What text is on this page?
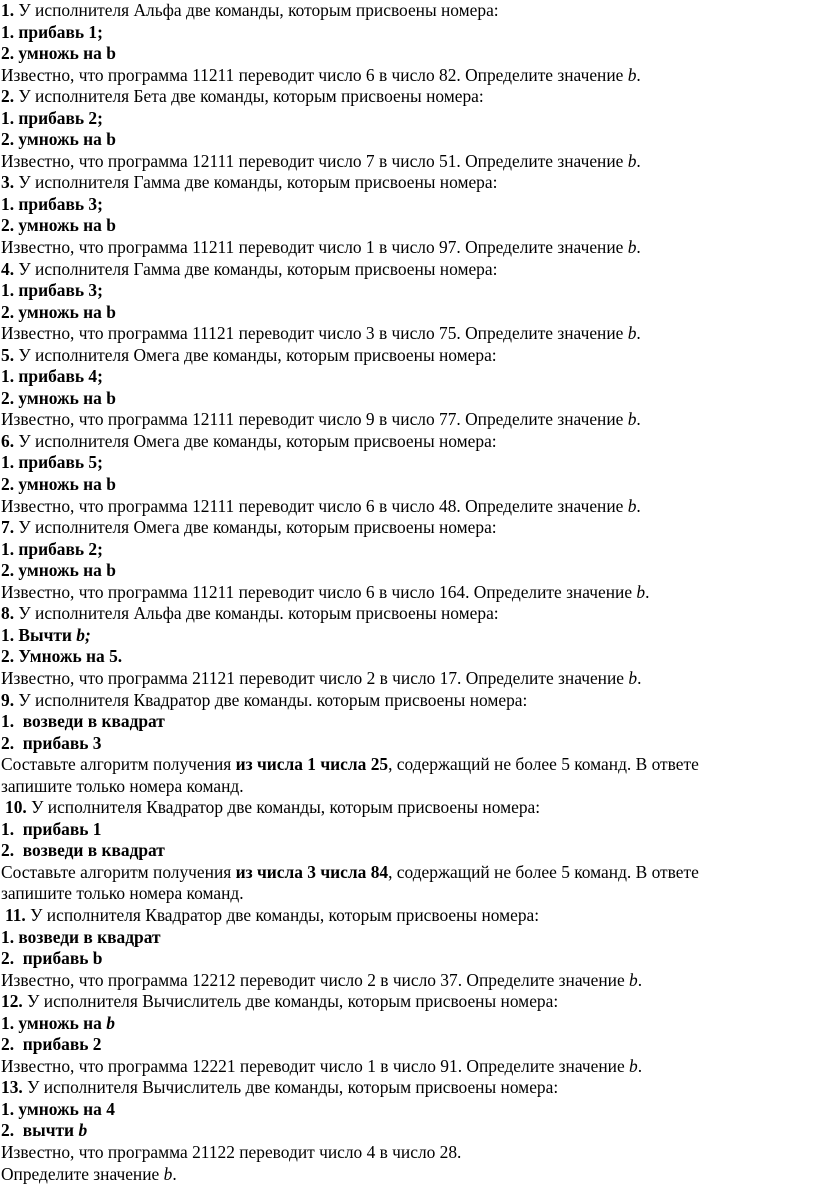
1. У исполнителя Альфа две команды, которым присвоены номера:
1. прибавь 1;
2. умножь на b
Известно, что программа 11211 переводит число 6 в число 82. Определите значение b.
2. У исполнителя Бета две команды, которым присвоены номера:
1. прибавь 2;
2. умножь на b
Известно, что программа 12111 переводит число 7 в число 51. Определите значение b.
3. У исполнителя Гамма две команды, которым присвоены номера:
1. прибавь 3;
2. умножь на b
Известно, что программа 11211 переводит число 1 в число 97. Определите значение b.
4. У исполнителя Гамма две команды, которым присвоены номера:
1. прибавь 3;
2. умножь на b
Известно, что программа 11121 переводит число 3 в число 75. Определите значение b.
5. У исполнителя Омега две команды, которым присвоены номера:
1. прибавь 4;
2. умножь на b
Известно, что программа 12111 переводит число 9 в число 77. Определите значение b.
6. У исполнителя Омега две команды, которым присвоены номера:
1. прибавь 5;
2. умножь на b
Известно, что программа 12111 переводит число 6 в число 48. Определите значение b.
7. У исполнителя Омега две команды, которым присвоены номера:
1. прибавь 2;
2. умножь на b
Известно, что программа 11211 переводит число 6 в число 164. Определите значение b.
8. У исполнителя Альфа две команды. которым присвоены номера:
1. Вычти b;
2. Умножь на 5.
Известно, что программа 21121 переводит число 2 в число 17. Определите значение b.
9. У исполнителя Квадратор две команды. которым присвоены номера:
1.  возведи в квадрат
2.  прибавь 3
Составьте алгоритм получения из числа 1 числа 25, содержащий не более 5 команд. В ответе
запишите только номера команд.
10. У исполнителя Квадратор две команды, которым присвоены номера:
1.  прибавь 1
2.  возведи в квадрат
Составьте алгоритм получения из числа 3 числа 84, содержащий не более 5 команд. В ответе
запишите только номера команд.
11. У исполнителя Квадратор две команды, которым присвоены номера:
1. возведи в квадрат
2.  прибавь b
Известно, что программа 12212 переводит число 2 в число 37. Определите значение b.
12. У исполнителя Вычислитель две команды, которым присвоены номера:
1. умножь на b
2.  прибавь 2
Известно, что программа 12221 переводит число 1 в число 91. Определите значение b.
13. У исполнителя Вычислитель две команды, которым присвоены номера:
1. умножь на 4
2.  вычти b
Известно, что программа 21122 переводит число 4 в число 28.
Определите значение b.
